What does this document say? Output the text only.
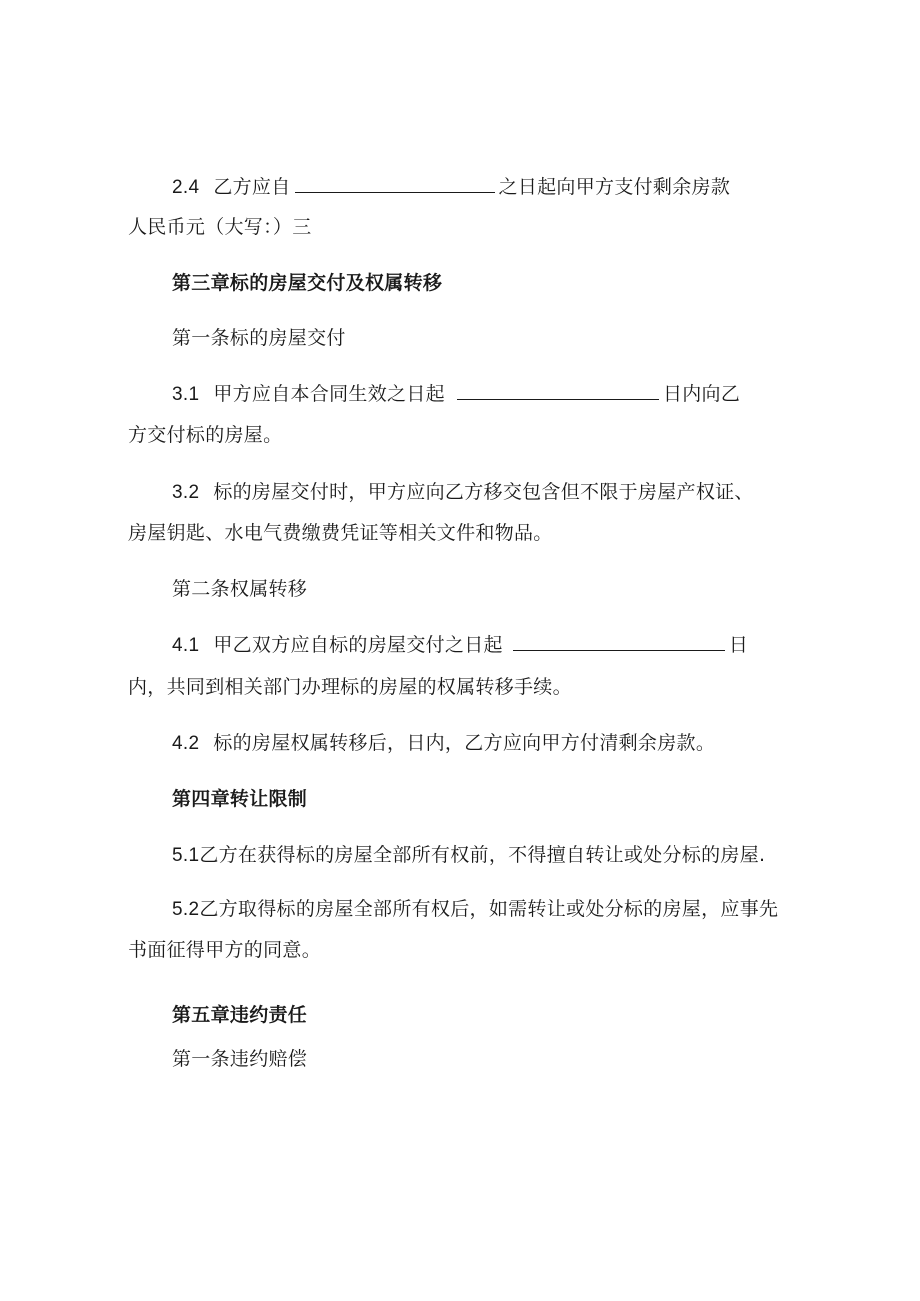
2.4 乙方应自	之日起向甲方支付剩余房款
人民币元（大写：）三
第三章标的房屋交付及权属转移
第一条标的房屋交付
3.1 甲方应自本合同生效之日起	日内向乙
方交付标的房屋。
3.2 标的房屋交付时，甲方应向乙方移交包含但不限于房屋产权证、
房屋钥匙、水电气费缴费凭证等相关文件和物品。
第二条权属转移
4.1 甲乙双方应自标的房屋交付之日起	日
内，共同到相关部门办理标的房屋的权属转移手续。
4.2 标的房屋权属转移后，日内，乙方应向甲方付清剩余房款。
第四章转让限制
5.1乙方在获得标的房屋全部所有权前，不得擅自转让或处分标的房屋.
5.2乙方取得标的房屋全部所有权后，如需转让或处分标的房屋，应事先
书面征得甲方的同意。
第五章违约责任
第一条违约赔偿
